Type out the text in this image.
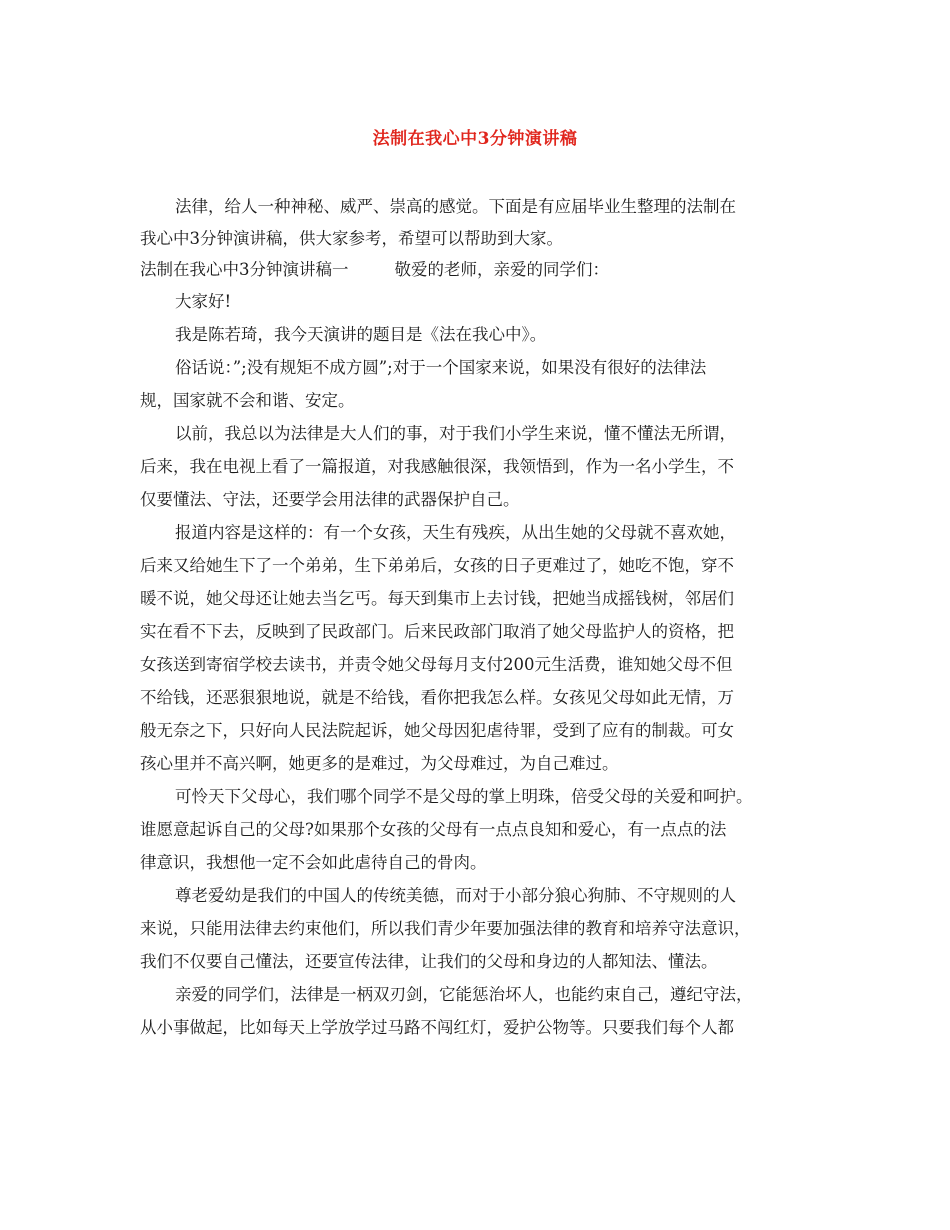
法制在我心中3分钟演讲稿
法律，给人一种神秘、威严、崇高的感觉。下面是有应届毕业生整理的法制在
我心中3分钟演讲稿，供大家参考，希望可以帮助到大家。
法制在我心中3分钟演讲稿一	敬爱的老师，亲爱的同学们：
大家好!
我是陈若琦，我今天演讲的题目是《法在我心中》。
俗话说：”;没有规矩不成方圆”;对于一个国家来说，如果没有很好的法律法
规，国家就不会和谐、安定。
以前，我总以为法律是大人们的事，对于我们小学生来说，懂不懂法无所谓，
后来，我在电视上看了一篇报道，对我感触很深，我领悟到，作为一名小学生，不
仅要懂法、守法，还要学会用法律的武器保护自己。
报道内容是这样的：有一个女孩，天生有残疾，从出生她的父母就不喜欢她，
后来又给她生下了一个弟弟，生下弟弟后，女孩的日子更难过了，她吃不饱，穿不
暖不说，她父母还让她去当乞丐。每天到集市上去讨钱，把她当成摇钱树，邻居们
实在看不下去，反映到了民政部门。后来民政部门取消了她父母监护人的资格，把
女孩送到寄宿学校去读书，并责令她父母每月支付200元生活费，谁知她父母不但
不给钱，还恶狠狠地说，就是不给钱，看你把我怎么样。女孩见父母如此无情，万
般无奈之下，只好向人民法院起诉，她父母因犯虐待罪，受到了应有的制裁。可女
孩心里并不高兴啊，她更多的是难过，为父母难过，为自己难过。
可怜天下父母心，我们哪个同学不是父母的掌上明珠，倍受父母的关爱和呵护。
谁愿意起诉自己的父母?如果那个女孩的父母有一点点良知和爱心，有一点点的法
律意识，我想他一定不会如此虐待自己的骨肉。
尊老爱幼是我们的中国人的传统美德，而对于小部分狼心狗肺、不守规则的人
来说，只能用法律去约束他们，所以我们青少年要加强法律的教育和培养守法意识，
我们不仅要自己懂法，还要宣传法律，让我们的父母和身边的人都知法、懂法。
亲爱的同学们，法律是一柄双刃剑，它能惩治坏人，也能约束自己，遵纪守法，
从小事做起，比如每天上学放学过马路不闯红灯，爱护公物等。只要我们每个人都
